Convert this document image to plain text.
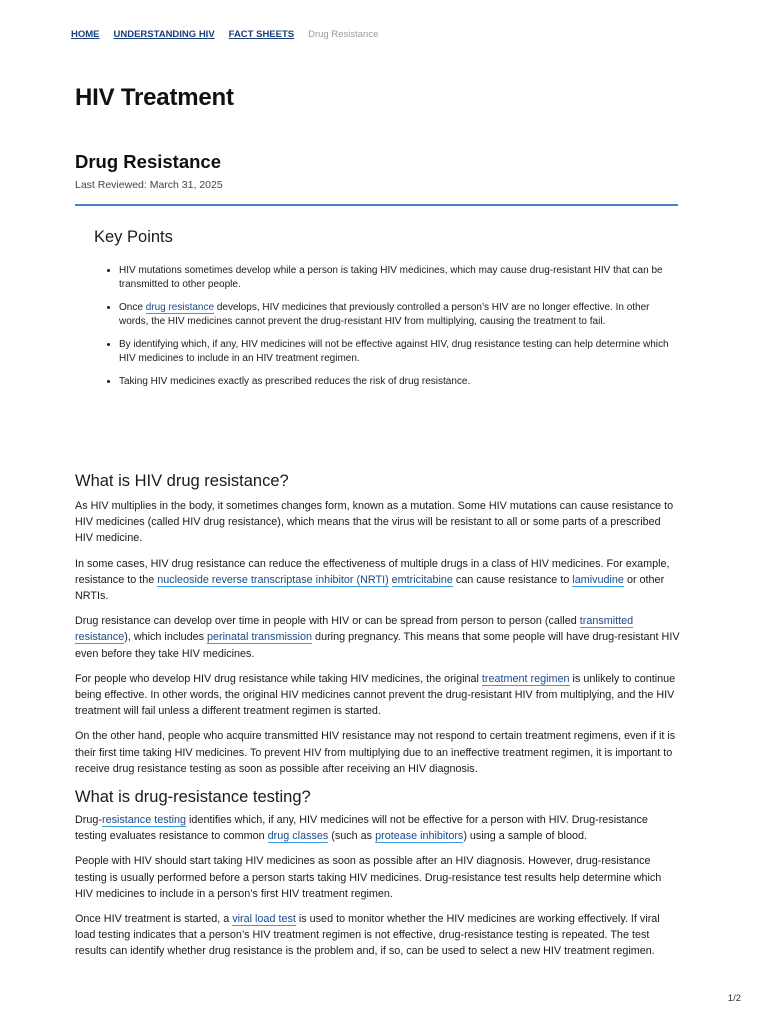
HOME UNDERSTANDING HIV FACT SHEETS Drug Resistance
HIV Treatment
Drug Resistance
Last Reviewed: March 31, 2025
Key Points
• HIV mutations sometimes develop while a person is taking HIV medicines, which may cause drug-resistant HIV that can be transmitted to other people.
• Once drug resistance develops, HIV medicines that previously controlled a person’s HIV are no longer effective. In other words, the HIV medicines cannot prevent the drug-resistant HIV from multiplying, causing the treatment to fail.
• By identifying which, if any, HIV medicines will not be effective against HIV, drug resistance testing can help determine which HIV medicines to include in an HIV treatment regimen.
• Taking HIV medicines exactly as prescribed reduces the risk of drug resistance.
What is HIV drug resistance?

As HIV multiplies in the body, it sometimes changes form, known as a mutation. Some HIV mutations can cause resistance to HIV medicines (called HIV drug resistance), which means that the virus will be resistant to all or some parts of a prescribed HIV medicine.

In some cases, HIV drug resistance can reduce the effectiveness of multiple drugs in a class of HIV medicines. For example, resistance to the nucleoside reverse transcriptase inhibitor (NRTI) emtricitabine can cause resistance to lamivudine or other NRTIs.

Drug resistance can develop over time in people with HIV or can be spread from person to person (called transmitted resistance), which includes perinatal transmission during pregnancy. This means that some people will have drug-resistant HIV even before they take HIV medicines.

For people who develop HIV drug resistance while taking HIV medicines, the original treatment regimen is unlikely to continue being effective. In other words, the original HIV medicines cannot prevent the drug-resistant HIV from multiplying, and the HIV treatment will fail unless a different treatment regimen is started.

On the other hand, people who acquire transmitted HIV resistance may not respond to certain treatment regimens, even if it is their first time taking HIV medicines. To prevent HIV from multiplying due to an ineffective treatment regimen, it is important to receive drug resistance testing as soon as possible after receiving an HIV diagnosis.

What is drug-resistance testing?

Drug-resistance testing identifies which, if any, HIV medicines will not be effective for a person with HIV. Drug-resistance testing evaluates resistance to common drug classes (such as protease inhibitors) using a sample of blood.

People with HIV should start taking HIV medicines as soon as possible after an HIV diagnosis. However, drug-resistance testing is usually performed before a person starts taking HIV medicines. Drug-resistance test results help determine which HIV medicines to include in a person’s first HIV treatment regimen.

Once HIV treatment is started, a viral load test is used to monitor whether the HIV medicines are working effectively. If viral load testing indicates that a person’s HIV treatment regimen is not effective, drug-resistance testing is repeated. The test results can identify whether drug resistance is the problem and, if so, can be used to select a new HIV treatment regimen.

1/2
